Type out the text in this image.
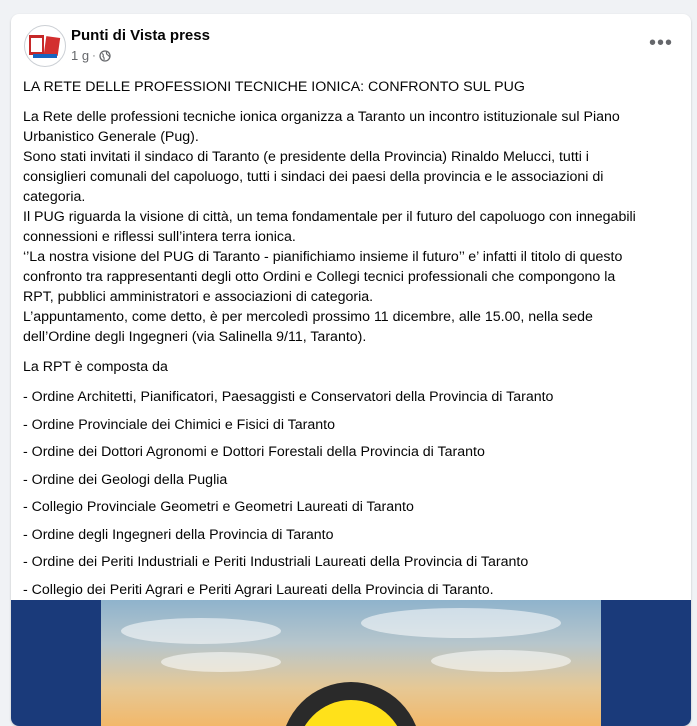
Punti di Vista press
1 g ·
•••

LA RETE DELLE PROFESSIONI TECNICHE IONICA: CONFRONTO SUL PUG

La Rete delle professioni tecniche ionica organizza a Taranto un incontro istituzionale sul Piano
Urbanistico Generale (Pug).
Sono stati invitati il sindaco di Taranto (e presidente della Provincia) Rinaldo Melucci, tutti i
consiglieri comunali del capoluogo, tutti i sindaci dei paesi della provincia e le associazioni di
categoria.
Il PUG riguarda la visione di città, un tema fondamentale per il futuro del capoluogo con innegabili
connessioni e riflessi sull’intera terra ionica.
‘’La nostra visione del PUG di Taranto - pianifichiamo insieme il futuro’’ e’ infatti il titolo di questo
confronto tra rappresentanti degli otto Ordini e Collegi tecnici professionali che compongono la
RPT, pubblici amministratori e associazioni di categoria.
L’appuntamento, come detto, è per mercoledì prossimo 11 dicembre, alle 15.00, nella sede
dell’Ordine degli Ingegneri (via Salinella 9/11, Taranto).

La RPT è composta da

- Ordine Architetti, Pianificatori, Paesaggisti e Conservatori della Provincia di Taranto
- Ordine Provinciale dei Chimici e Fisici di Taranto
- Ordine dei Dottori Agronomi e Dottori Forestali della Provincia di Taranto
- Ordine dei Geologi della Puglia
- Collegio Provinciale Geometri e Geometri Laureati di Taranto
- Ordine degli Ingegneri della Provincia di Taranto
- Ordine dei Periti Industriali e Periti Industriali Laureati della Provincia di Taranto
- Collegio dei Periti Agrari e Periti Agrari Laureati della Provincia di Taranto.
